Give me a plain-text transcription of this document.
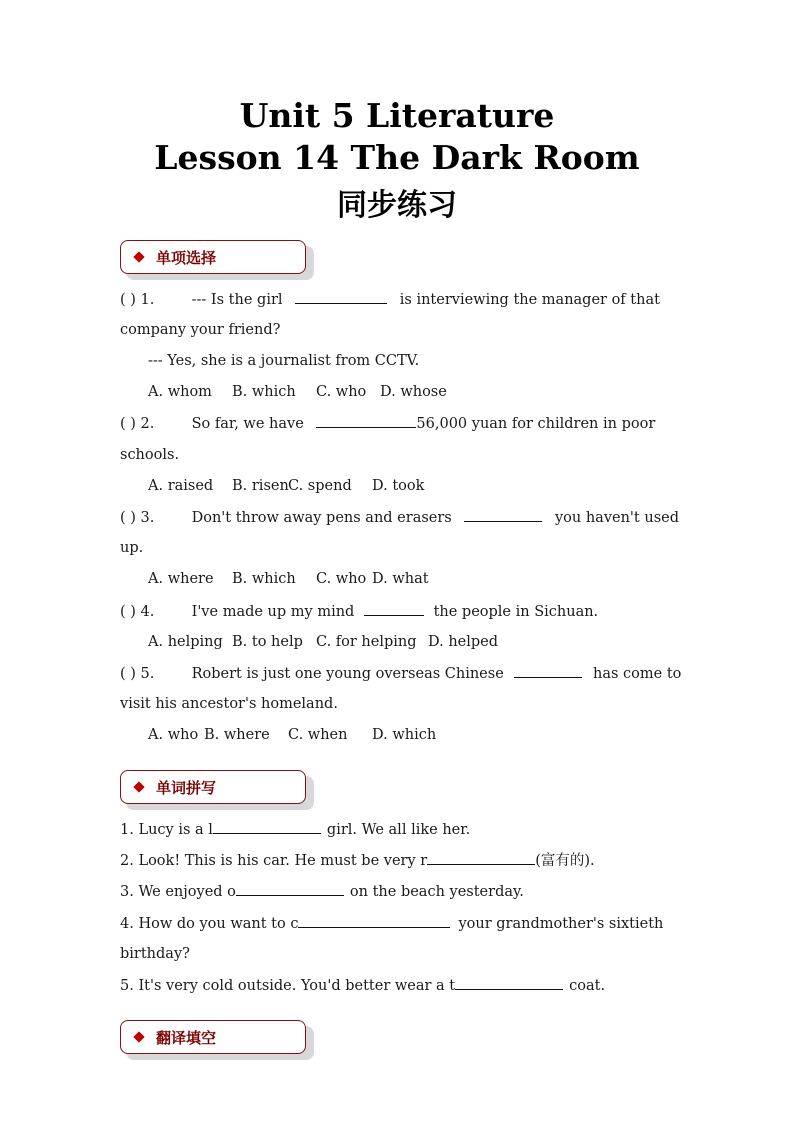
Unit 5 Literature
Lesson 14 The Dark Room
同步练习
单项选择
( ) 1.	--- Is the girl	is interviewing the manager of that
company your friend?
--- Yes, she is a journalist from CCTV.
A. whom B. which C. who D. whose
( ) 2.	So far, we have	56,000 yuan for children in poor
schools.
A. raised B. risenC. spend D. took
( ) 3.	Don't throw away pens and erasers	you haven't used
up.
A. where B. which C. who D. what
( ) 4.	I've made up my mind	the people in Sichuan.
A. helping B. to help C. for helping D. helped
( ) 5.	Robert is just one young overseas Chinese	has come to
visit his ancestor's homeland.
A. who B. where C. when D. which
单词拼写
1. Lucy is a l	girl. We all like her.
2. Look! This is his car. He must be very r	(富有的).
3. We enjoyed o	on the beach yesterday.
4. How do you want to c	your grandmother's sixtieth
birthday?
5. It's very cold outside. You'd better wear a t	coat.
翻译填空
